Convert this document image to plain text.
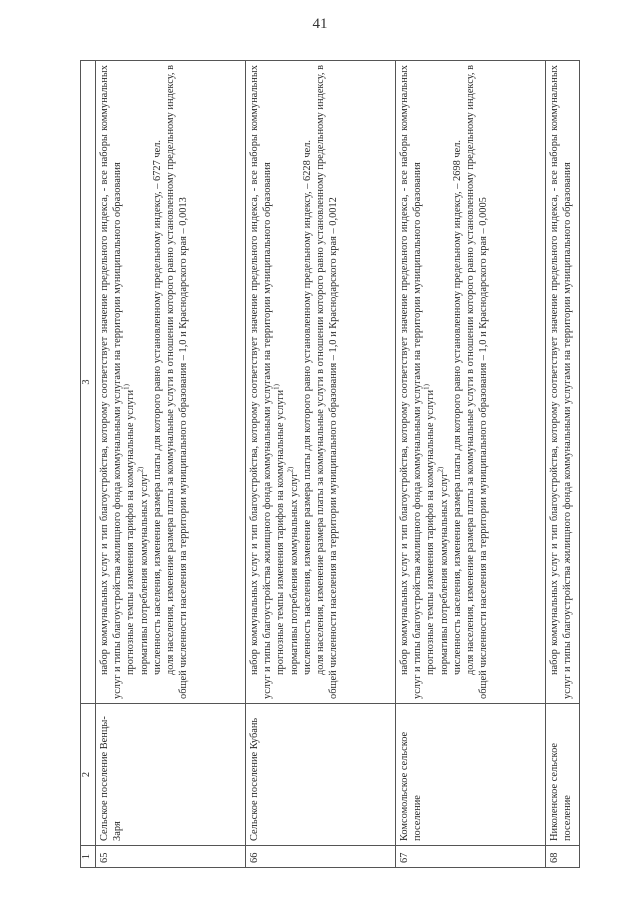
41
1	2	3
65	Сельское поселение Венцы-Заря	набор коммунальных услуг и тип благоустройства, которому соответствует значение предельного индекса, - все наборы коммунальных услуг и типы благоустройства жилищного фонда коммунальными услугами на территории муниципального образования прогнозные темпы изменения тарифов на коммунальные услуги$^{1)}$

нормативы потребления коммунальных услуг$^{2)}$ численность населения, изменение размера платы для которого равно установленному предельному индексу, – 6727 чел. доля населения, изменение размера платы за коммунальные услуги в отношении которого равно установленному предельному индексу, в общей численности населения на территории муниципального образования – 1,0 и Краснодарского края – 0,0013

66	Сельское поселение Кубань	набор коммунальных услуг и тип благоустройства, которому соответствует значение предельного индекса, - все наборы коммунальных услуг и типы благоустройства жилищного фонда коммунальными услугами на территории муниципального образования прогнозные темпы изменения тарифов на коммунальные услуги$^{1)}$

нормативы потребления коммунальных услуг$^{2)}$ численность населения, изменение размера платы для которого равно установленному предельному индексу, – 6228 чел. доля населения, изменение размера платы за коммунальные услуги в отношении которого равно установленному предельному индексу, в общей численности населения на территории муниципального образования – 1,0 и Краснодарского края – 0,0012

67	Комсомольское сельское поселение	набор коммунальных услуг и тип благоустройства, которому соответствует значение предельного индекса, - все наборы коммунальных услуг и типы благоустройства жилищного фонда коммунальными услугами на территории муниципального образования прогнозные темпы изменения тарифов на коммунальные услуги$^{1)}$

нормативы потребления коммунальных услуг$^{2)}$ численность населения, изменение размера платы для которого равно установленному предельному индексу, – 2698 чел. доля населения, изменение размера платы за коммунальные услуги в отношении которого равно установленному предельному индексу, в общей численности населения на территории муниципального образования – 1,0 и Краснодарского края – 0,0005

68	Николенское сельское поселение	набор коммунальных услуг и тип благоустройства, которому соответствует значение предельного индекса, - все наборы коммунальных услуг и типы благоустройства жилищного фонда коммунальными услугами на территории муниципального образования
